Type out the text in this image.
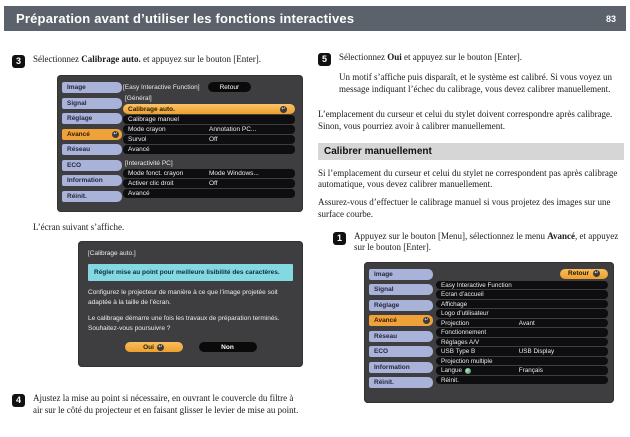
Préparation avant d’utiliser les fonctions interactives	83
3	Sélectionnez Calibrage auto. et appuyez sur le bouton [Enter].
Image
Signal
Réglage
Avancé	↵
Réseau
ECO
Information
Réinit.
[Easy Interactive Function]	Retour
[Général]
Calibrage auto.	↵
Calibrage manuel
Mode crayon	Annotation PC...
Survol	Off
Avancé
[Interactivité PC]
Mode fonct. crayon	Mode Windows...
Activer clic droit	Off
Avancé
L’écran suivant s’affiche.
[Calibrage auto.]
Régler mise au point pour meilleure lisibilité des caractères.
Configurez le projecteur de manière à ce que l’image projetée soit adaptée à la taille de l’écran.
Le calibrage démarre une fois les travaux de préparation terminés. Souhaitez-vous poursuivre ?
Oui ↵	Non
4	Ajustez la mise au point si nécessaire, en ouvrant le couvercle du filtre à air sur le côté du projecteur et en faisant glisser le levier de mise au point.
5	Sélectionnez Oui et appuyez sur le bouton [Enter].
Un motif s’affiche puis disparaît, et le système est calibré. Si vous voyez un message indiquant l’échec du calibrage, vous devez calibrer manuellement.
L’emplacement du curseur et celui du stylet doivent correspondre après calibrage. Sinon, vous pourriez avoir à calibrer manuellement.
Calibrer manuellement
Si l’emplacement du curseur et celui du stylet ne correspondent pas après calibrage automatique, vous devez calibrer manuellement.
Assurez-vous d’effectuer le calibrage manuel si vous projetez des images sur une surface courbe.
1	Appuyez sur le bouton [Menu], sélectionnez le menu Avancé, et appuyez sur le bouton [Enter].
Image
Signal
Réglage
Avancé	↵
Réseau
ECO
Information
Réinit.
Retour ↵
Easy Interactive Function
Ecran d’accueil
Affichage
Logo d’utilisateur
Projection	Avant
Fonctionnement
Réglages A/V
USB Type B	USB Display
Projection multiple
Langue	Français
Réinit.
